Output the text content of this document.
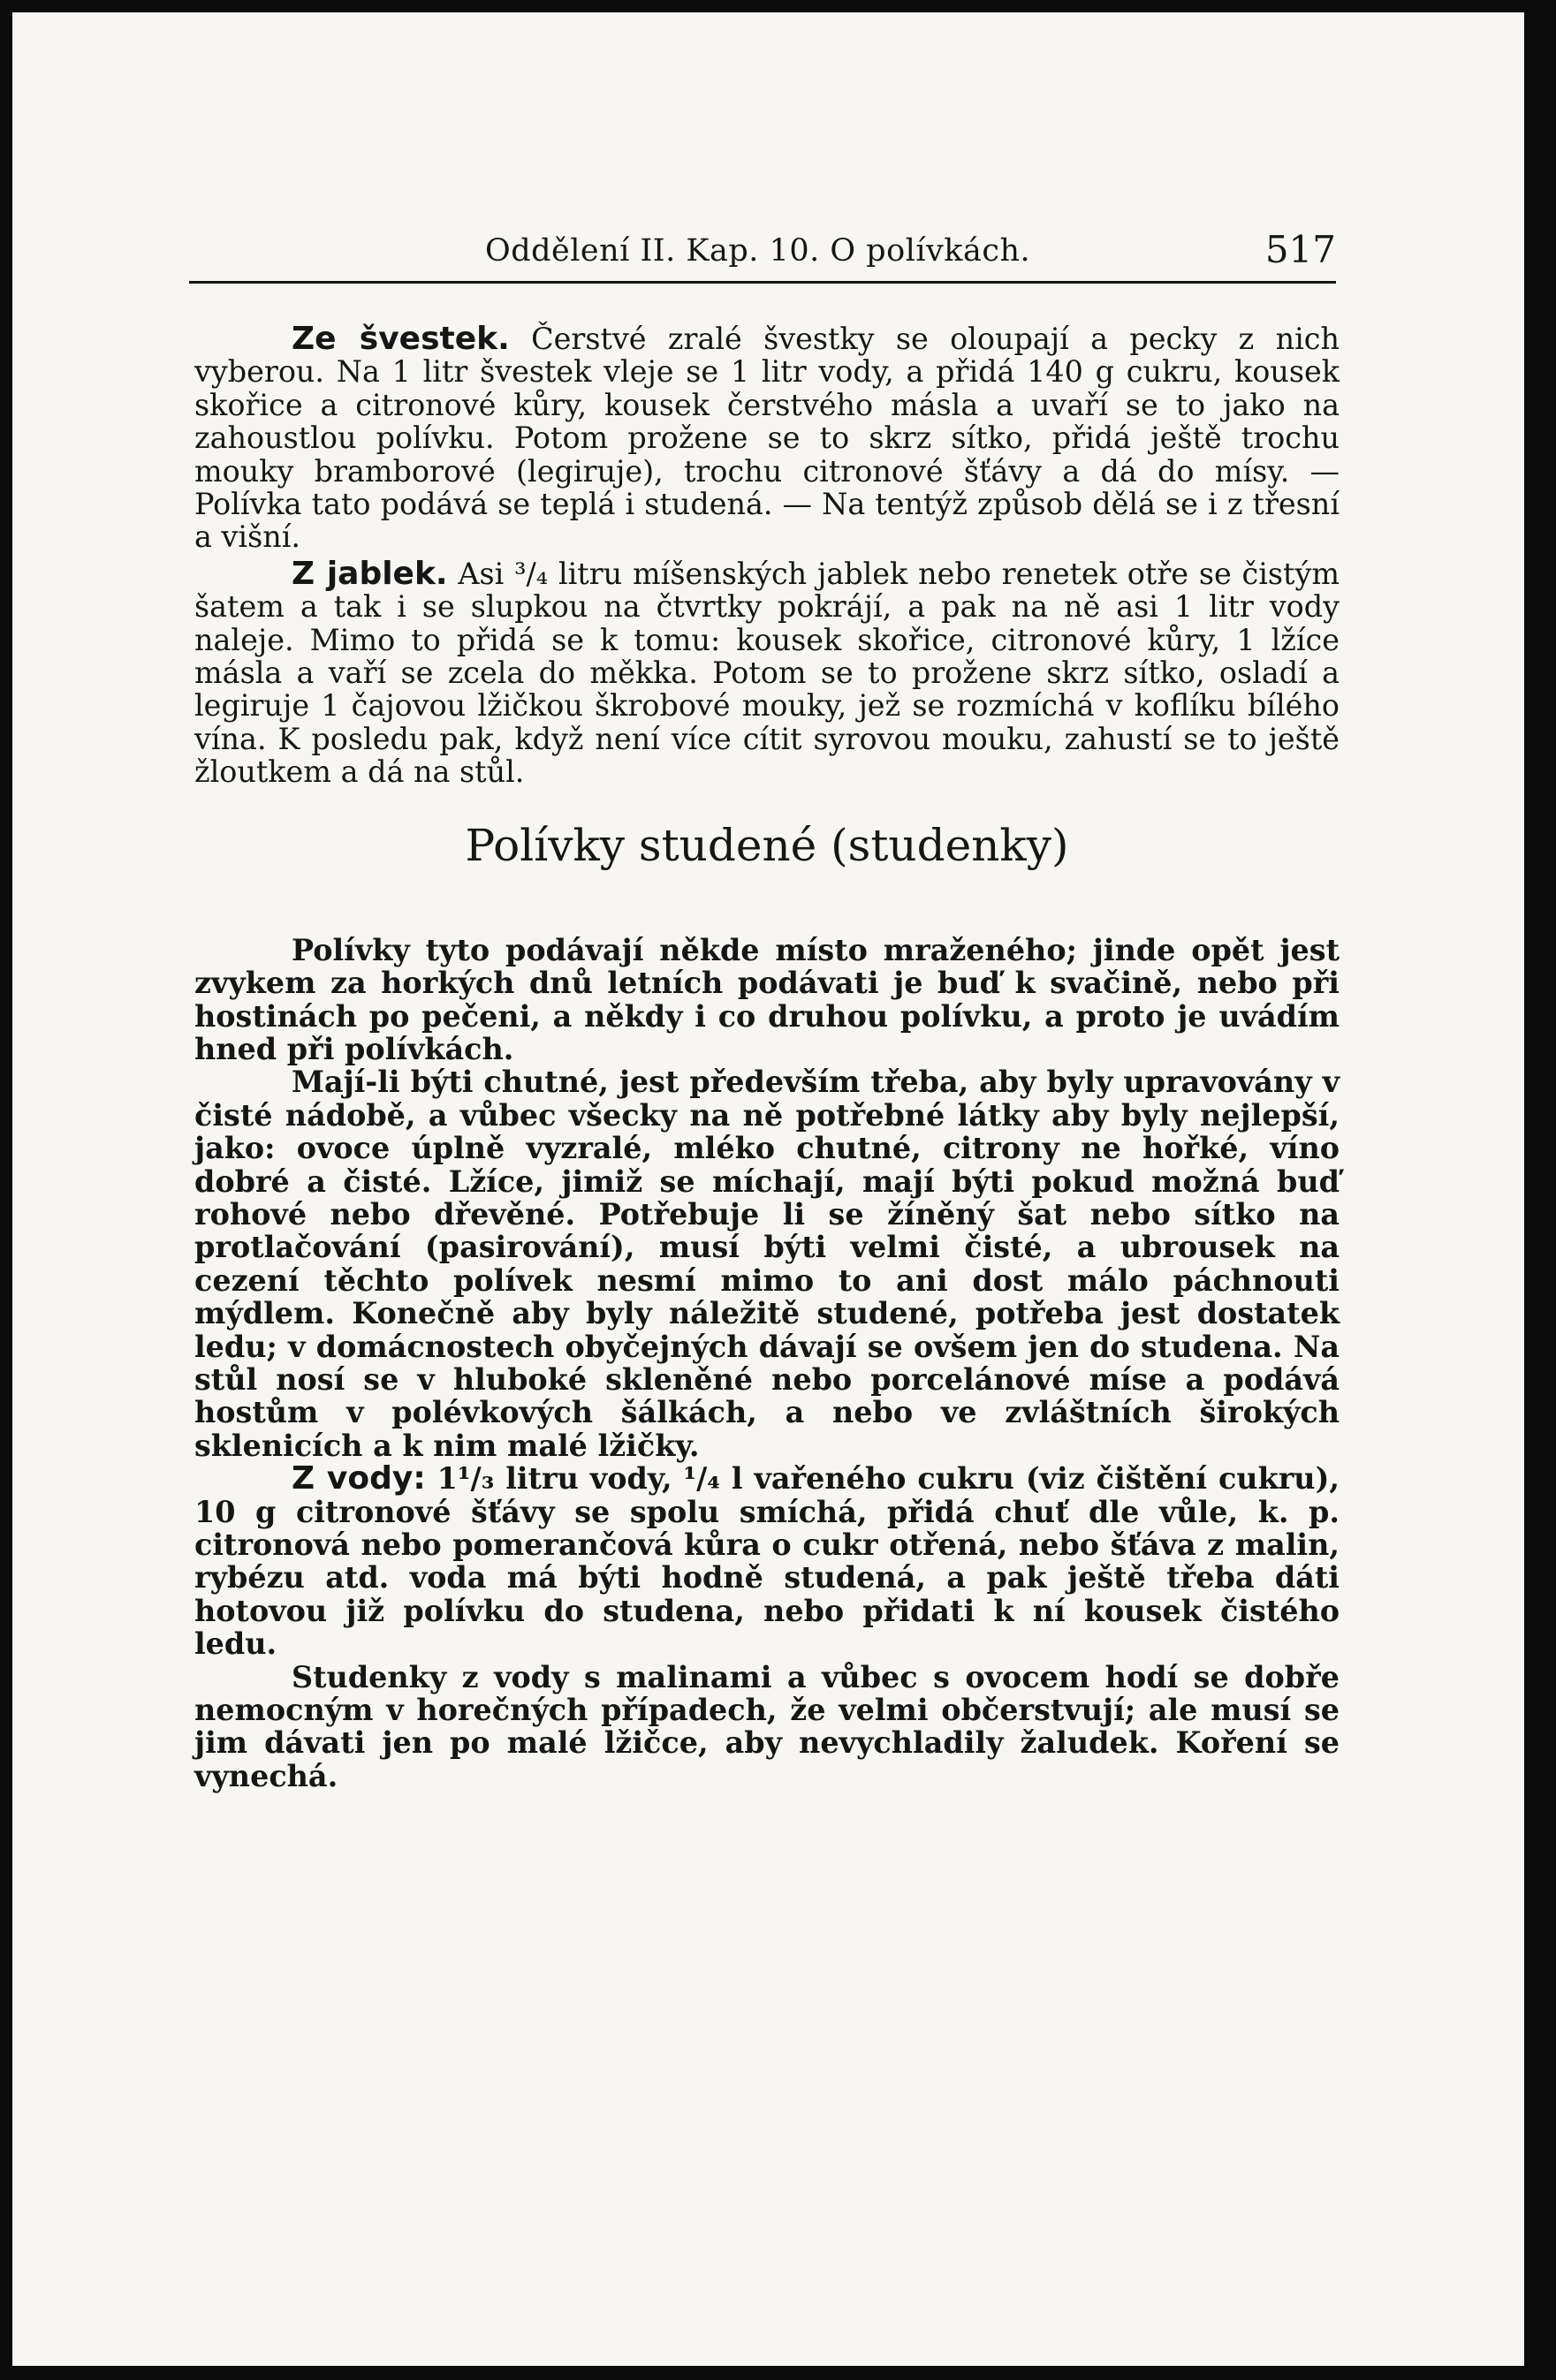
Oddělení II. Kap. 10. O polívkách.	517

Ze švestek. Čerstvé zralé švestky se oloupají a pecky z nich vyberou. Na 1 litr švestek vleje se 1 litr vody, a přidá 140 g cukru, kousek skořice a citronové kůry, kousek čerstvého másla a uvaří se to jako na zahoustlou polívku. Potom prožene se to skrz sítko, přidá ještě trochu mouky bramborové (legiruje), trochu citronové šťávy a dá do mísy. — Polívka tato podává se teplá i studená. — Na tentýž způsob dělá se i z třesní a višní.

Z jablek. Asi ³/₄ litru míšenských jablek nebo renetek otře se čistým šatem a tak i se slupkou na čtvrtky pokrájí, a pak na ně asi 1 litr vody naleje. Mimo to přidá se k tomu: kousek skořice, citronové kůry, 1 lžíce másla a vaří se zcela do měkka. Potom se to prožene skrz sítko, osladí a legiruje 1 čajovou lžičkou škrobové mouky, jež se rozmíchá v koflíku bílého vína. K posledu pak, když není více cítit syrovou mouku, zahustí se to ještě žloutkem a dá na stůl.

Polívky studené (studenky)

Polívky tyto podávají někde místo mraženého; jinde opět jest zvykem za horkých dnů letních podávati je buď k svačině, nebo při hostinách po pečeni, a někdy i co druhou polívku, a proto je uvádím hned při polívkách.

Mají-li býti chutné, jest především třeba, aby byly upravovány v čisté nádobě, a vůbec všecky na ně potřebné látky aby byly nejlepší, jako: ovoce úplně vyzralé, mléko chutné, citrony ne hořké, víno dobré a čisté. Lžíce, jimiž se míchají, mají býti pokud možná buď rohové nebo dřevěné. Potřebuje li se žíněný šat nebo sítko na protlačování (pasirování), musí býti velmi čisté, a ubrousek na cezení těchto polívek nesmí mimo to ani dost málo páchnouti mýdlem. Konečně aby byly náležitě studené, potřeba jest dostatek ledu; v domácnostech obyčejných dávají se ovšem jen do studena. Na stůl nosí se v hluboké skleněné nebo porcelánové míse a podává hostům v polévkových šálkách, a nebo ve zvláštních širokých sklenicích a k nim malé lžičky.

Z vody: 1¹/₃ litru vody, ¹/₄ l vařeného cukru (viz čištění cukru), 10 g citronové šťávy se spolu smíchá, přidá chuť dle vůle, k. p. citronová nebo pomerančová kůra o cukr otřená, nebo šťáva z malin, rybézu atd. voda má býti hodně studená, a pak ještě třeba dáti hotovou již polívku do studena, nebo přidati k ní kousek čistého ledu.

Studenky z vody s malinami a vůbec s ovocem hodí se dobře nemocným v horečných případech, že velmi občerstvují; ale musí se jim dávati jen po malé lžičce, aby nevychladily žaludek. Koření se vynechá.
